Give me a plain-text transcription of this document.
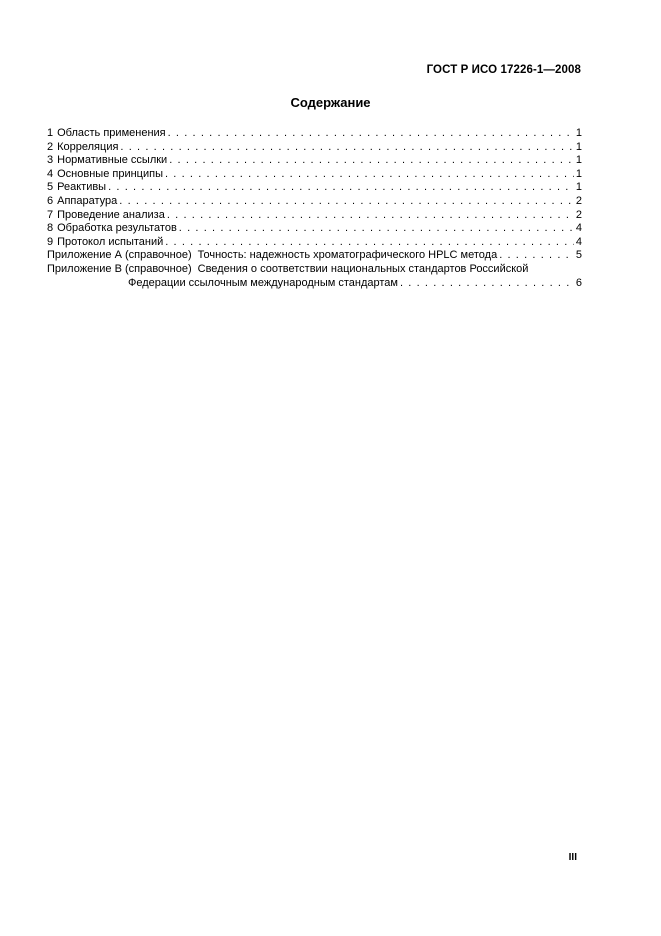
ГОСТ Р ИСО 17226-1—2008
Содержание
1 Область применения . . .	1
2 Корреляция . . .	1
3 Нормативные ссылки . . .	1
4 Основные принципы . . .	1
5 Реактивы . . .	1
6 Аппаратура . . .	2
7 Проведение анализа . . .	2
8 Обработка результатов . . .	4
9 Протокол испытаний . . .	4
Приложение А (справочное) Точность: надежность хроматографического HPLC метода . . .	5
Приложение В (справочное) Сведения о соответствии национальных стандартов Российской
Федерации ссылочным международным стандартам . . .	6
III
